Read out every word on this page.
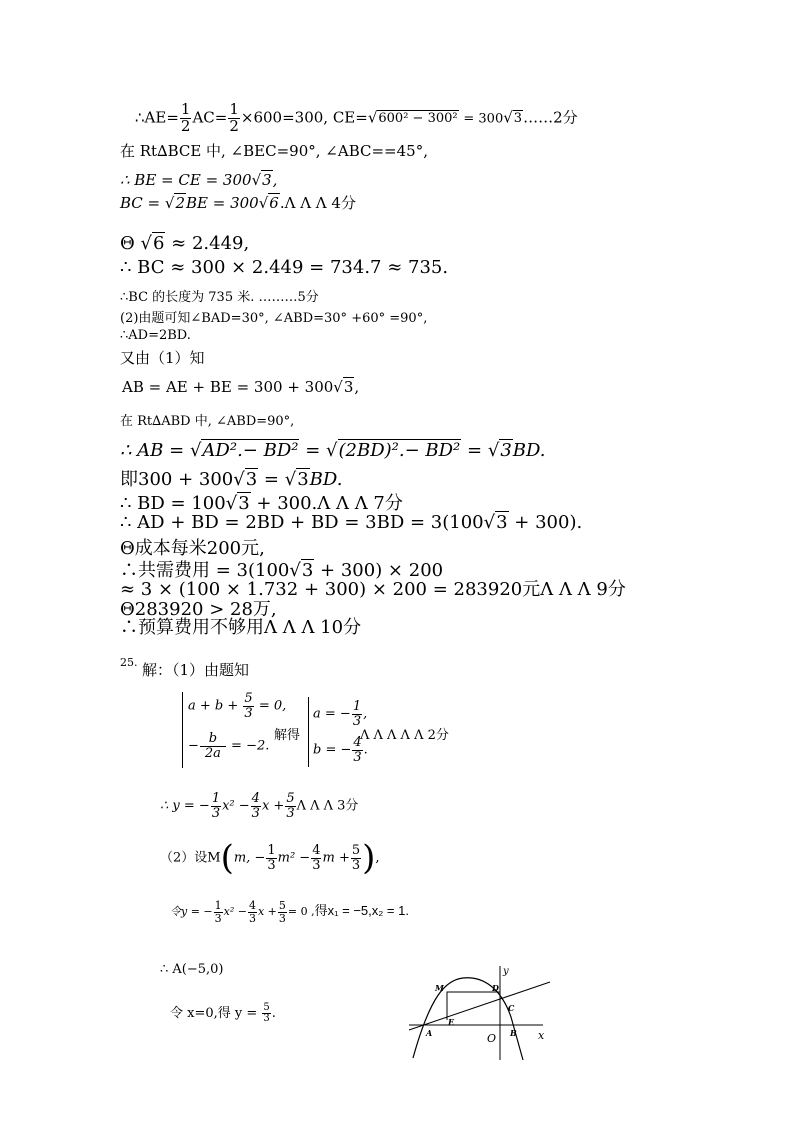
∴AE= $\frac{1}{2} AC= \frac{1}{2} \times 600=300$, CE=√600² − 300² = 300√3……2分
在 Rt∆BCE 中, ∠BEC=90°, ∠ABC==45°,
∴ BE = CE = 300√3,
BC = √2BE = 300√6.Λ Λ Λ 4分
Θ √6 ≈ 2.449,
∴ BC ≈ 300 × 2.449 = 734.7 ≈ 735.
∴BC 的长度为 735 米. ………5分
(2)由题可知∠BAD=30°, ∠ABD=30° +60° =90°,
∴AD=2BD.
又由（1）知
AB = AE + BE = 300 + 300√3,
在 Rt∆ABD 中, ∠ABD=90°,
∴ AB = √AD².− BD² = √(2BD)².− BD² = √3BD.
即300 + 300√3 = √3BD.
∴ BD = 100√3 + 300.Λ Λ Λ 7分
∴ AD + BD = 2BD + BD = 3BD = 3(100√3 + 300).
Θ成本每米200元,
∴共需费用 = 3(100√3 + 300) × 200
≈ 3 × (100 × 1.732 + 300) × 200 = 283920元Λ Λ Λ 9分
Θ283920 > 28万,
∴预算费用不够用Λ Λ Λ 10分
25. 解：（1）由题知
$a + b + \frac{5}{3} = 0$,
− $\frac{b}{2a} = -2$.
解得
a = − $\frac{1}{3}$ ,
b = − $\frac{4}{3}$ .
Λ Λ Λ Λ Λ 2分
∴ y = − $\frac{1}{3} x^2 - \frac{4}{3}$ $x + \frac{5}{3}$ Λ Λ Λ 3分
（2）设M(m, − $\frac{1}{3} m^2 - \frac{4}{3}$ $m + \frac{5}{3}$ ),
令y = − $\frac{1}{3} x^2 - \frac{4}{3}$ $x + \frac{5}{3} = 0$ ,得x₁ = −5,x₂ = 1.
∴ A(−5,0)
令 x=0,得 $y = \frac{5}{3}$ .
M	D
C
E
A	O B x
y
